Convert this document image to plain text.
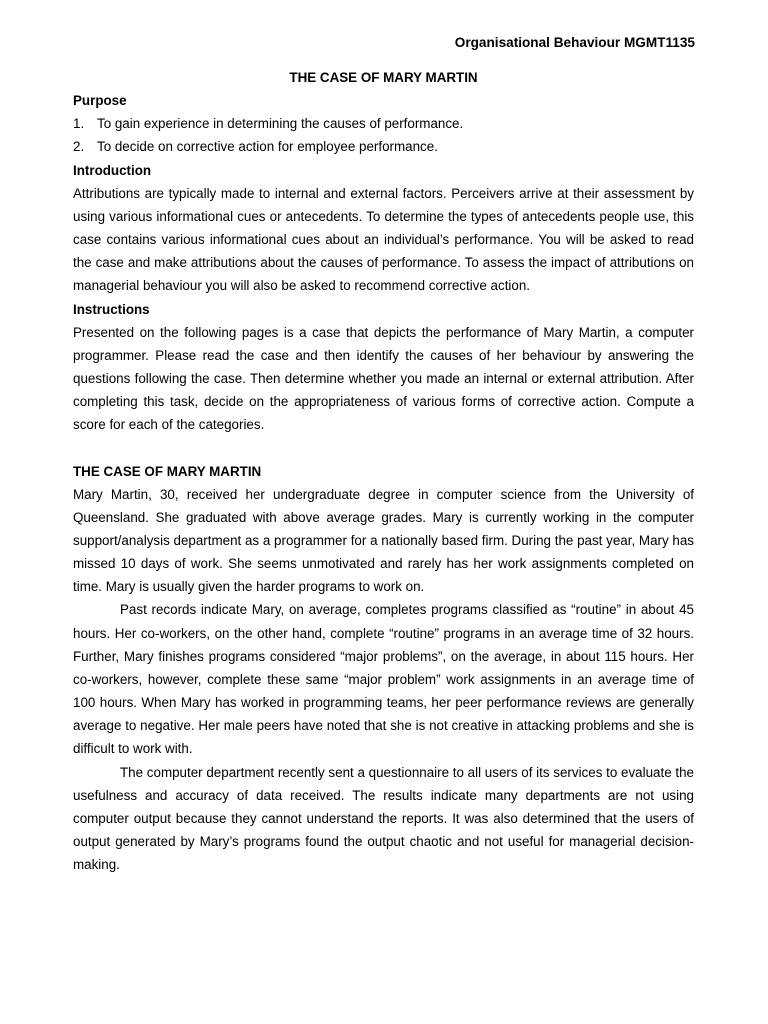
Organisational Behaviour MGMT1135

THE CASE OF MARY MARTIN

Purpose

1. To gain experience in determining the causes of performance.
2. To decide on corrective action for employee performance.

Introduction

Attributions are typically made to internal and external factors. Perceivers arrive at their assessment by using various informational cues or antecedents. To determine the types of antecedents people use, this case contains various informational cues about an individual’s performance. You will be asked to read the case and make attributions about the causes of performance. To assess the impact of attributions on managerial behaviour you will also be asked to recommend corrective action.

Instructions

Presented on the following pages is a case that depicts the performance of Mary Martin, a computer programmer. Please read the case and then identify the causes of her behaviour by answering the questions following the case. Then determine whether you made an internal or external attribution. After completing this task, decide on the appropriateness of various forms of corrective action. Compute a score for each of the categories.

THE CASE OF MARY MARTIN

Mary Martin, 30, received her undergraduate degree in computer science from the University of Queensland. She graduated with above average grades. Mary is currently working in the computer support/analysis department as a programmer for a nationally based firm. During the past year, Mary has missed 10 days of work. She seems unmotivated and rarely has her work assignments completed on time. Mary is usually given the harder programs to work on.

Past records indicate Mary, on average, completes programs classified as “routine” in about 45 hours. Her co-workers, on the other hand, complete “routine” programs in an average time of 32 hours. Further, Mary finishes programs considered “major problems”, on the average, in about 115 hours. Her co-workers, however, complete these same “major problem” work assignments in an average time of 100 hours. When Mary has worked in programming teams, her peer performance reviews are generally average to negative. Her male peers have noted that she is not creative in attacking problems and she is difficult to work with.

The computer department recently sent a questionnaire to all users of its services to evaluate the usefulness and accuracy of data received. The results indicate many departments are not using computer output because they cannot understand the reports. It was also determined that the users of output generated by Mary’s programs found the output chaotic and not useful for managerial decision-making.
